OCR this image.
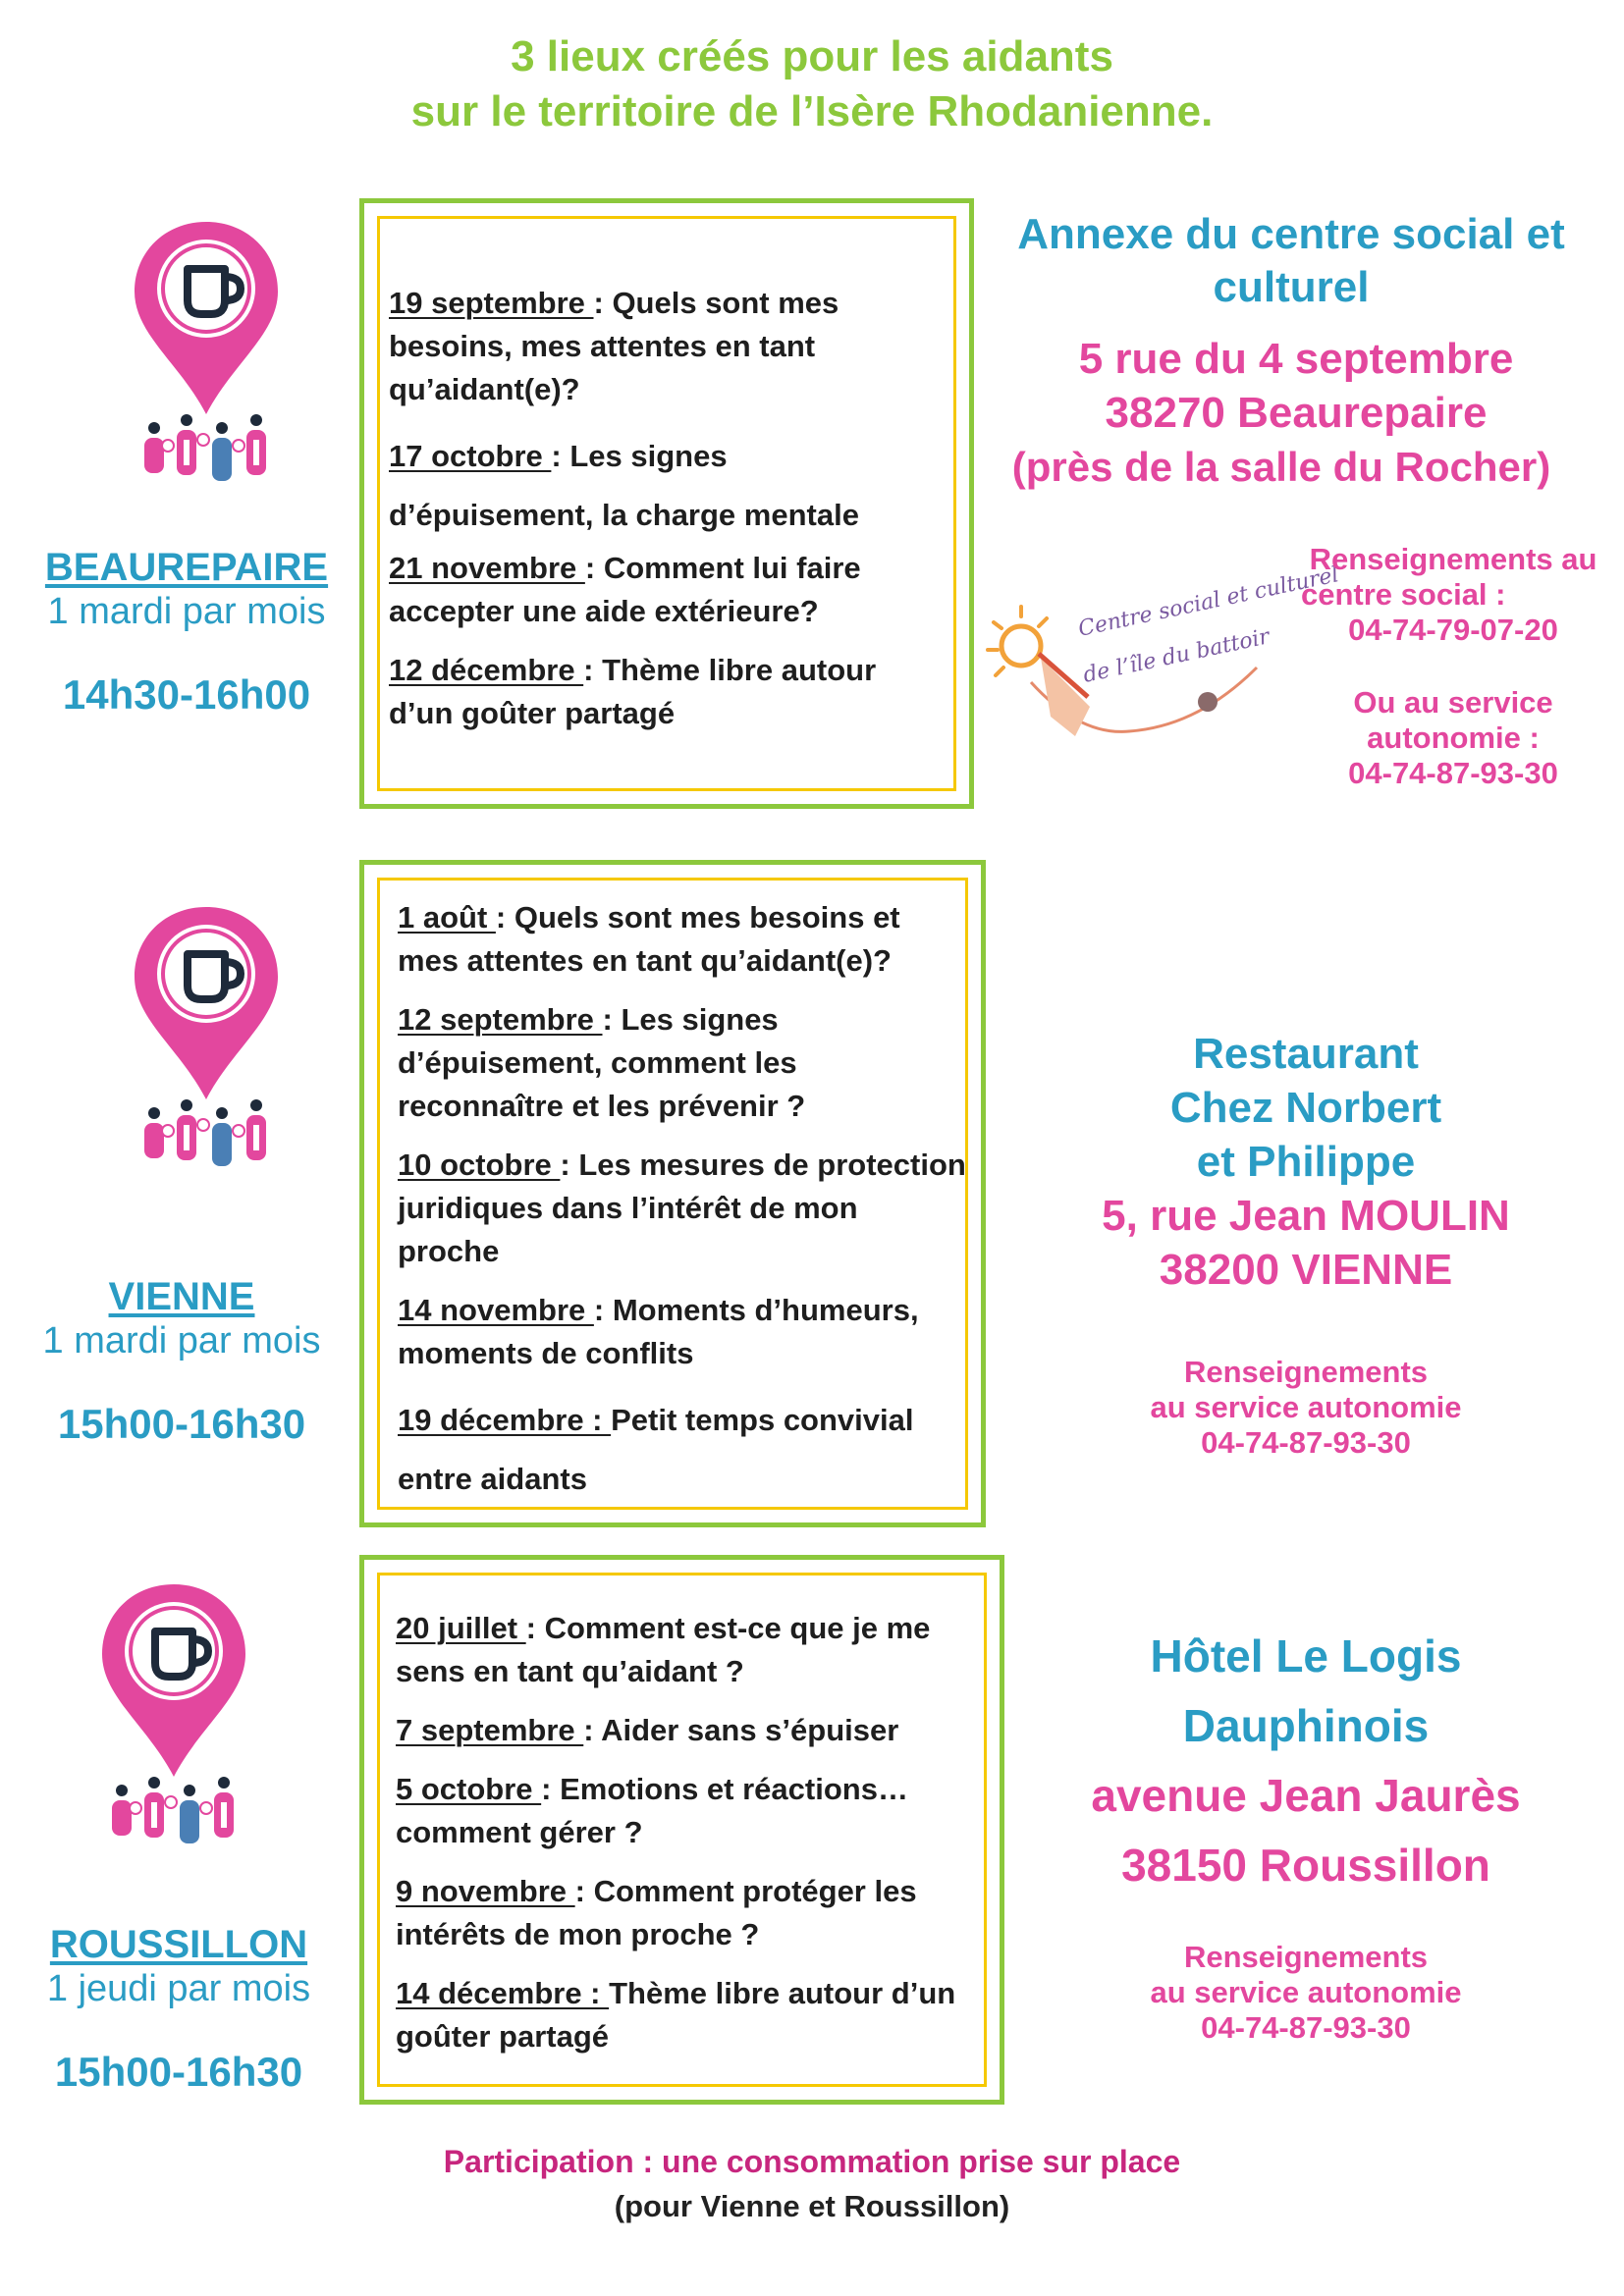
3 lieux créés pour les aidants
sur le territoire de l’Isère Rhodanienne.
BEAUREPAIRE
1 mardi par mois
14h30-16h00

19 septembre : Quels sont mes besoins, mes attentes en tant qu’aidant(e)?

17 octobre : Les signes d’épuisement, la charge mentale

21 novembre : Comment lui faire accepter une aide extérieure?

12 décembre : Thème libre autour d’un goûter partagé

Annexe du centre social et
culturel
5 rue du 4 septembre
38270 Beaurepaire
(près de la salle du Rocher)
Centre social et culturel
de l’île du battoir
Renseignements au
centre social :
04-74-79-07-20
Ou au service
autonomie :
04-74-87-93-30
VIENNE
1 mardi par mois
15h00-16h30

1 août : Quels sont mes besoins et mes attentes en tant qu’aidant(e)?

12 septembre : Les signes d’épuisement, comment les reconnaître et les prévenir ?

10 octobre : Les mesures de protection juridiques dans l’intérêt de mon proche

14 novembre : Moments d’humeurs, moments de conflits

19 décembre : Petit temps convivial entre aidants

Restaurant
Chez Norbert
et Philippe
5, rue Jean MOULIN
38200 VIENNE
Renseignements
au service autonomie
04-74-87-93-30
ROUSSILLON
1 jeudi par mois
15h00-16h30

20 juillet : Comment est-ce que je me sens en tant qu’aidant ?

7 septembre : Aider sans s’épuiser

5 octobre : Emotions et réactions… comment gérer ?

9 novembre : Comment protéger les intérêts de mon proche ?

14 décembre : Thème libre autour d’un goûter partagé

Hôtel Le Logis
Dauphinois
avenue Jean Jaurès
38150 Roussillon
Renseignements
au service autonomie
04-74-87-93-30
Participation : une consommation prise sur place
(pour Vienne et Roussillon)
